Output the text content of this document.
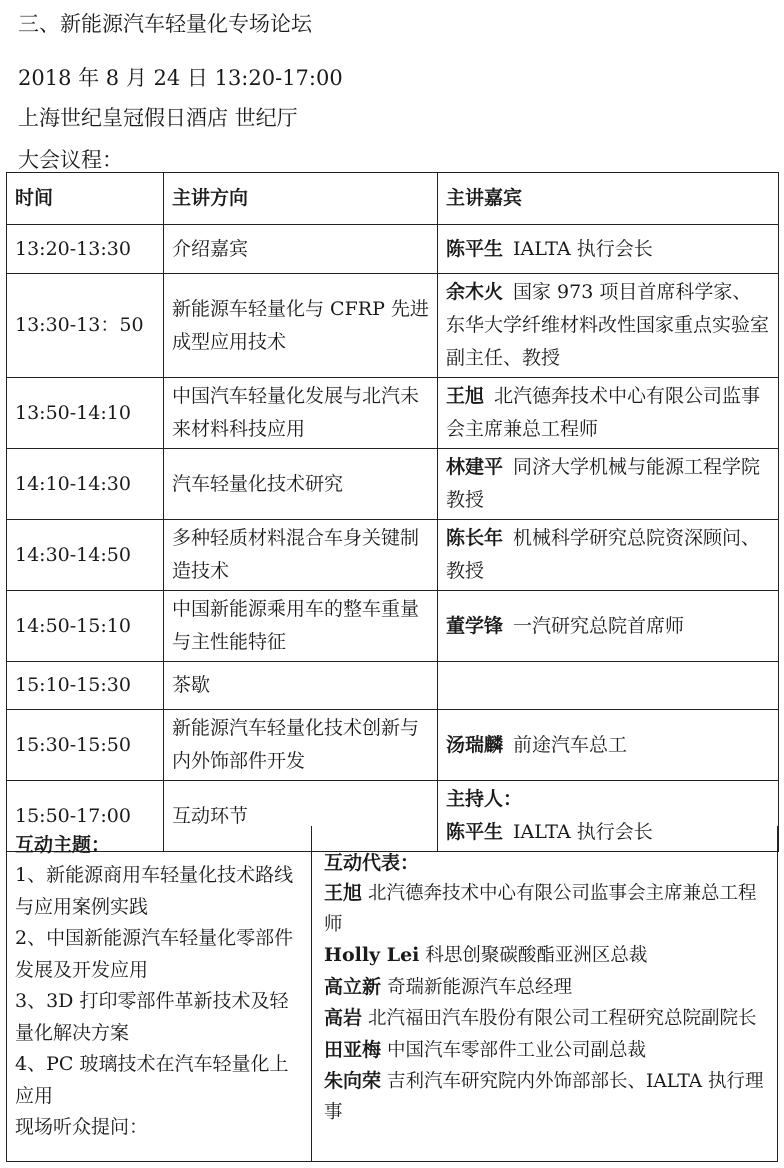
三、新能源汽车轻量化专场论坛
2018 年 8 月 24 日 13:20-17:00
上海世纪皇冠假日酒店 世纪厅
大会议程：
时间	主讲方向	主讲嘉宾
13:20-13:30	介绍嘉宾	陈平生 IALTA 执行会长
13:30-13：50	新能源车轻量化与 CFRP 先进成型应用技术	余木火 国家 973 项目首席科学家、东华大学纤维材料改性国家重点实验室副主任、教授
13:50-14:10	中国汽车轻量化发展与北汽未来材料科技应用	王旭 北汽德奔技术中心有限公司监事会主席兼总工程师
14:10-14:30	汽车轻量化技术研究	林建平 同济大学机械与能源工程学院教授
14:30-14:50	多种轻质材料混合车身关键制造技术	陈长年 机械科学研究总院资深顾问、教授
14:50-15:10	中国新能源乘用车的整车重量与主性能特征	董学锋 一汽研究总院首席师
15:10-15:30	茶歇	
15:30-15:50	新能源汽车轻量化技术创新与内外饰部件开发	汤瑞麟 前途汽车总工
15:50-17:00	互动环节	主持人：
陈平生 IALTA 执行会长
互动主题：
1、新能源商用车轻量化技术路线与应用案例实践
2、中国新能源汽车轻量化零部件发展及开发应用
3、3D 打印零部件革新技术及轻量化解决方案
4、PC 玻璃技术在汽车轻量化上应用
现场听众提问：
互动代表：
王旭 北汽德奔技术中心有限公司监事会主席兼总工程师
Holly Lei 科思创聚碳酸酯亚洲区总裁
高立新 奇瑞新能源汽车总经理
高岩 北汽福田汽车股份有限公司工程研究总院副院长
田亚梅 中国汽车零部件工业公司副总裁
朱向荣 吉利汽车研究院内外饰部部长、IALTA 执行理事
